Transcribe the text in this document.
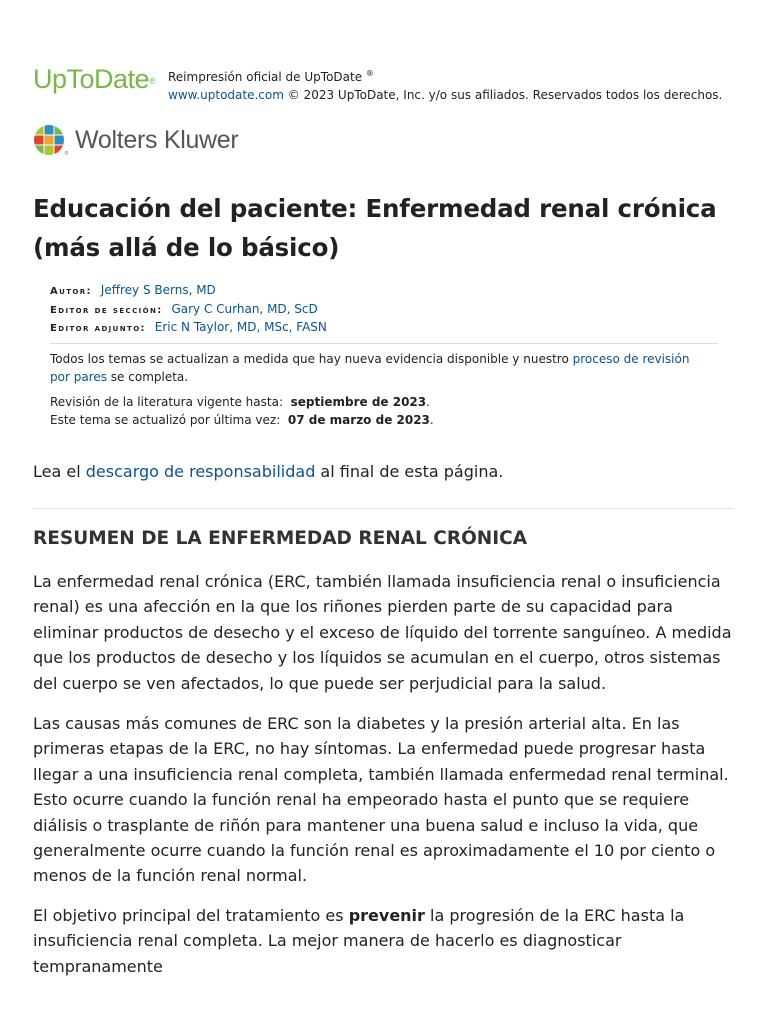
UpToDate® Reimpresión oficial de UpToDate ®
www.uptodate.com © 2023 UpToDate, Inc. y/o sus afiliados. Reservados todos los derechos.
® Wolters Kluwer
Educación del paciente: Enfermedad renal crónica (más allá de lo básico)
Autor: Jeffrey S Berns, MD
Editor de sección: Gary C Curhan, MD, ScD
Editor adjunto: Eric N Taylor, MD, MSc, FASN
Todos los temas se actualizan a medida que hay nueva evidencia disponible y nuestro proceso de revisión por pares se completa.
Revisión de la literatura vigente hasta: septiembre de 2023.
Este tema se actualizó por última vez: 07 de marzo de 2023.
Lea el descargo de responsabilidad al final de esta página.
RESUMEN DE LA ENFERMEDAD RENAL CRÓNICA

La enfermedad renal crónica (ERC, también llamada insuficiencia renal o insuficiencia renal) es una afección en la que los riñones pierden parte de su capacidad para eliminar productos de desecho y el exceso de líquido del torrente sanguíneo. A medida que los productos de desecho y los líquidos se acumulan en el cuerpo, otros sistemas del cuerpo se ven afectados, lo que puede ser perjudicial para la salud.

Las causas más comunes de ERC son la diabetes y la presión arterial alta. En las primeras etapas de la ERC, no hay síntomas. La enfermedad puede progresar hasta llegar a una insuficiencia renal completa, también llamada enfermedad renal terminal. Esto ocurre cuando la función renal ha empeorado hasta el punto que se requiere diálisis o trasplante de riñón para mantener una buena salud e incluso la vida, que generalmente ocurre cuando la función renal es aproximadamente el 10 por ciento o menos de la función renal normal.

El objetivo principal del tratamiento es prevenir la progresión de la ERC hasta la insuficiencia renal completa. La mejor manera de hacerlo es diagnosticar tempranamente
